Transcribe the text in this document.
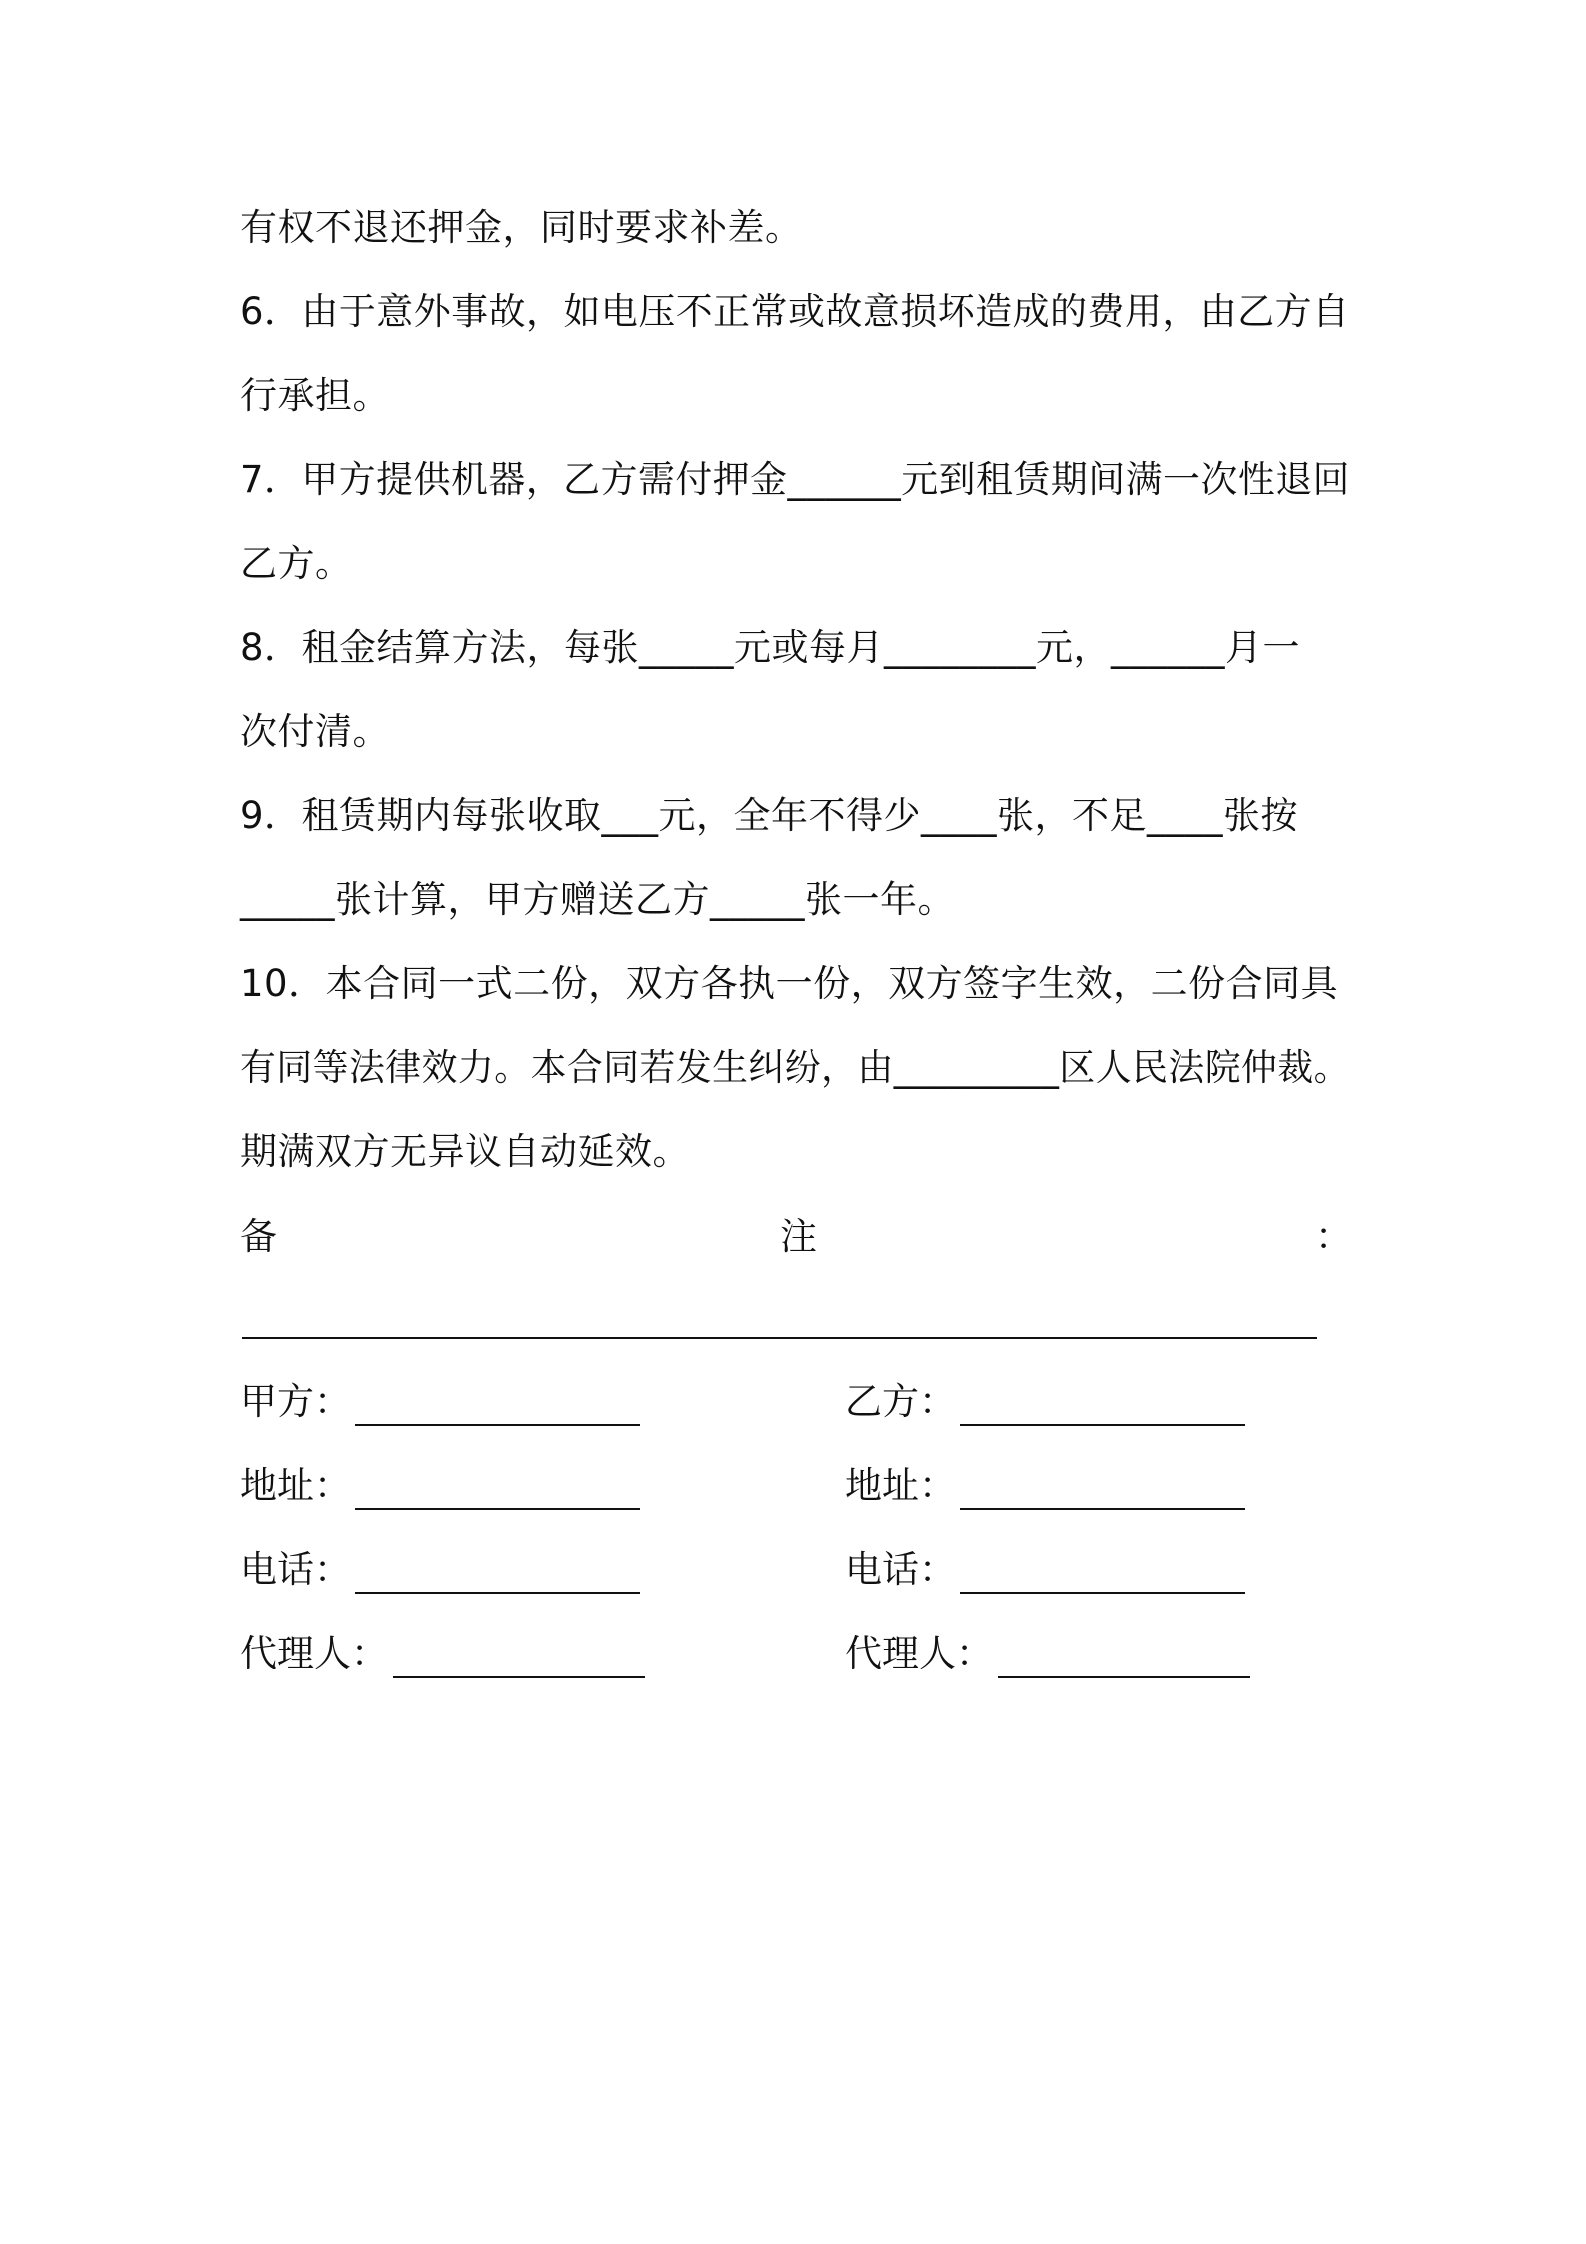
有权不退还押金，同时要求补差。
6．由于意外事故，如电压不正常或故意损坏造成的费用，由乙方自
行承担。
7．甲方提供机器，乙方需付押金______元到租赁期间满一次性退回
乙方。
8．租金结算方法，每张_____元或每月________元，______月一
次付清。
9．租赁期内每张收取___元，全年不得少____张，不足____张按
_____张计算，甲方赠送乙方_____张一年。
10．本合同一式二份，双方各执一份，双方签字生效，二份合同具
有同等法律效力。本合同若发生纠纷，由_________区人民法院仲裁。
期满双方无异议自动延效。
备	注	：
甲方：
地址：
电话：
代理人：
乙方：
地址：
电话：
代理人：
